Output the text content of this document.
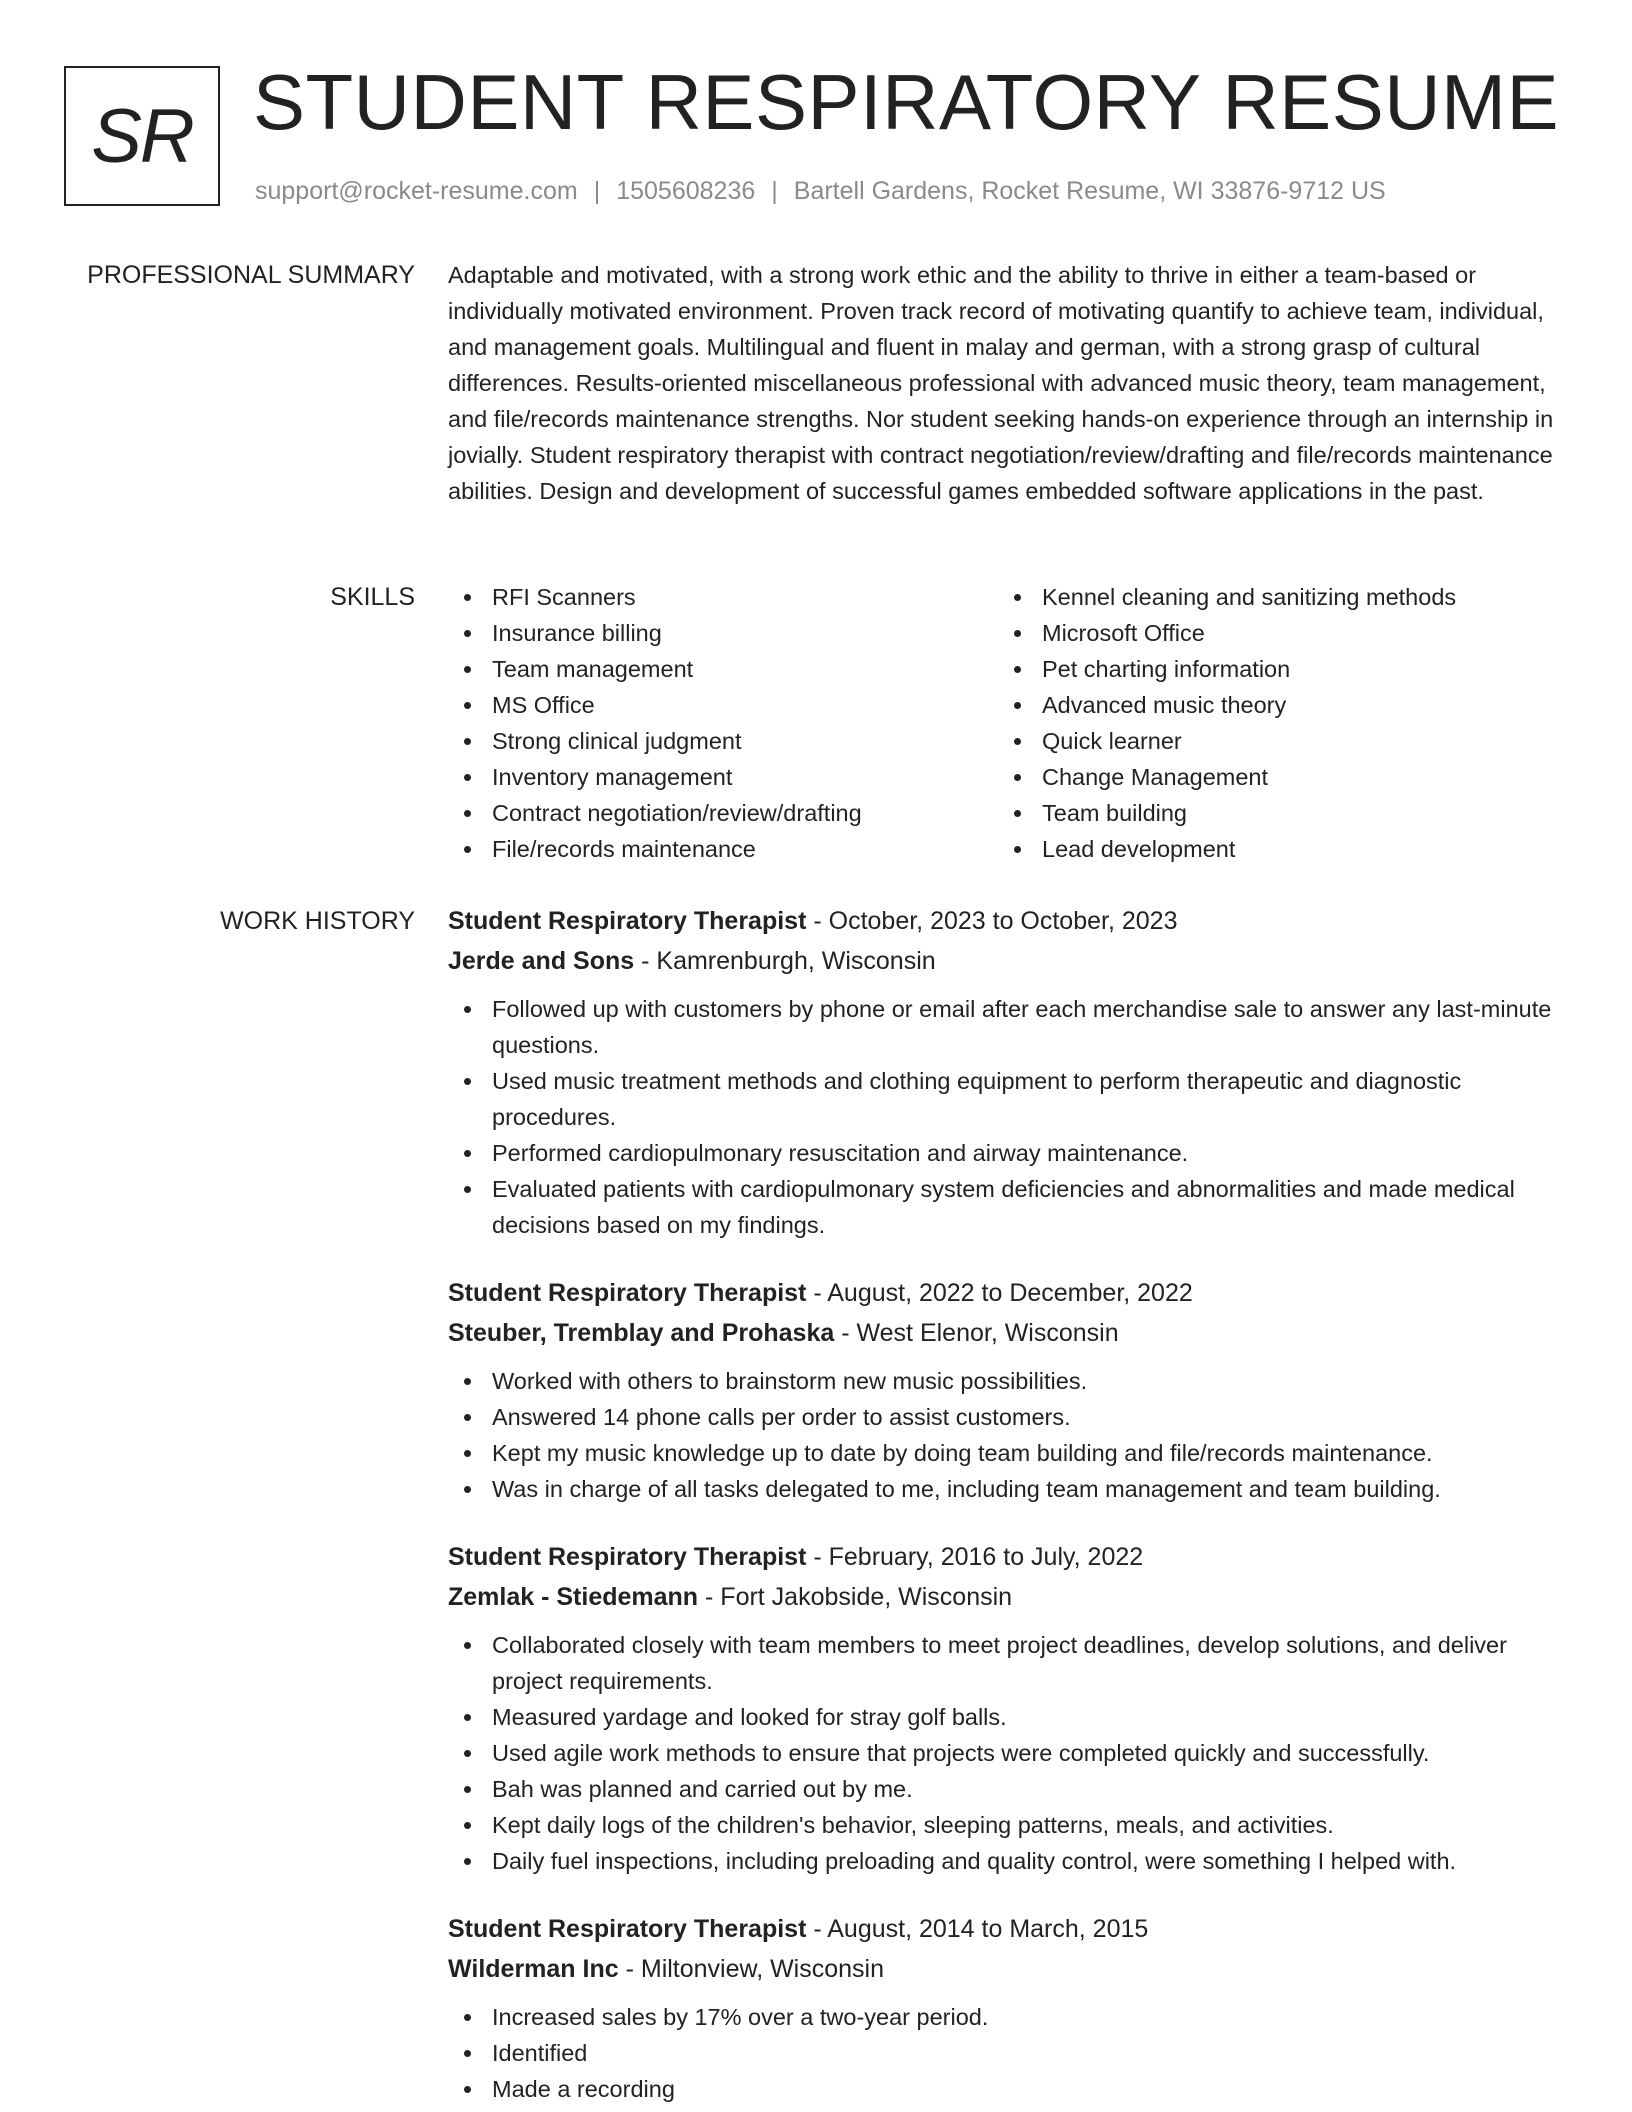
SR STUDENT RESPIRATORY RESUME
support@rocket-resume.com | 1505608236 | Bartell Gardens, Rocket Resume, WI 33876-9712 US
PROFESSIONAL SUMMARY Adaptable and motivated, with a strong work ethic and the ability to thrive in either a team-based or individually motivated environment. Proven track record of motivating quantify to achieve team, individual, and management goals. Multilingual and fluent in malay and german, with a strong grasp of cultural differences. Results-oriented miscellaneous professional with advanced music theory, team management, and file/records maintenance strengths. Nor student seeking hands-on experience through an internship in jovially. Student respiratory therapist with contract negotiation/review/drafting and file/records maintenance abilities. Design and development of successful games embedded software applications in the past.

SKILLS	RFI Scanners
Insurance billing
Team management
MS Office
Strong clinical judgment
Inventory management
Contract negotiation/review/drafting
File/records maintenance
Kennel cleaning and sanitizing methods
Microsoft Office
Pet charting information
Advanced music theory
Quick learner
Change Management
Team building
Lead development
WORK HISTORY Student Respiratory Therapist - October, 2023 to October, 2023
Jerde and Sons - Kamrenburgh, Wisconsin
Followed up with customers by phone or email after each merchandise sale to answer any last-minute questions.
Used music treatment methods and clothing equipment to perform therapeutic and diagnostic procedures.
Performed cardiopulmonary resuscitation and airway maintenance.
Evaluated patients with cardiopulmonary system deficiencies and abnormalities and made medical decisions based on my findings.
Student Respiratory Therapist - August, 2022 to December, 2022
Steuber, Tremblay and Prohaska - West Elenor, Wisconsin
Worked with others to brainstorm new music possibilities.
Answered 14 phone calls per order to assist customers.
Kept my music knowledge up to date by doing team building and file/records maintenance.
Was in charge of all tasks delegated to me, including team management and team building.
Student Respiratory Therapist - February, 2016 to July, 2022
Zemlak - Stiedemann - Fort Jakobside, Wisconsin
Collaborated closely with team members to meet project deadlines, develop solutions, and deliver project requirements.
Measured yardage and looked for stray golf balls.
Used agile work methods to ensure that projects were completed quickly and successfully.
Bah was planned and carried out by me.
Kept daily logs of the children's behavior, sleeping patterns, meals, and activities.
Daily fuel inspections, including preloading and quality control, were something I helped with.
Student Respiratory Therapist - August, 2014 to March, 2015
Wilderman Inc - Miltonview, Wisconsin
Increased sales by 17% over a two-year period.
Identified
Made a recording
